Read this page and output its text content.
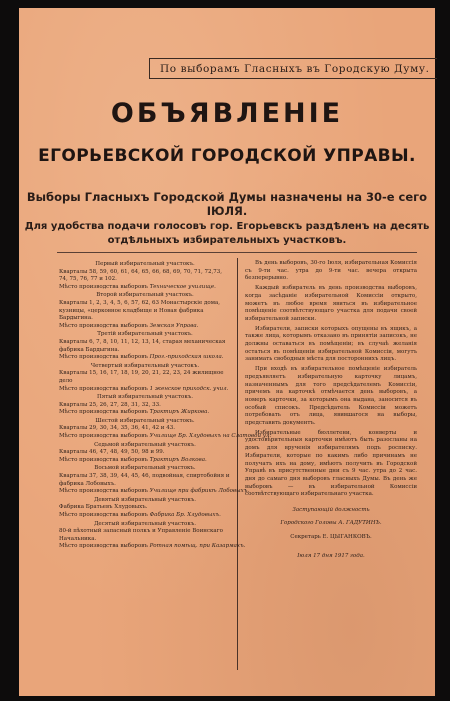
По выборамъ Гласныхъ въ Городскую Думу.
ОБЪЯВЛЕНІЕ
ЕГОРЬЕВСКОЙ ГОРОДСКОЙ УПРАВЫ.
Выборы Гласныхъ Городской Думы назначены на 30-е сего ІЮЛЯ.
Для удобства подачи голосовъ гор. Егорьевскъ раздѣленъ на десять
отдѣльныхъ избирательныхъ участковъ.
Первый избирательный участокъ.
Кварталы 58, 59, 60, 61, 64, 65, 66, 68, 69, 70, 71, 72,73, 74, 75, 76, 77 и 102.
Мѣсто производства выборовъ Техническое училище.
Второй избирательный участокъ.
Кварталы 1, 2, 3, 4, 5, 6, 57, 62, 63 Монастырскіе дома, кузницы, «церковное кладбище и Новая фабрика Бардыгина.
Мѣсто производства выборовъ Земская Управа.
Третій избирательный участокъ.
Кварталы 6, 7, 8, 10, 11, 12, 13, 14, старая механическая фабрика Бардыгина.
Мѣсто производства выборовъ Прог.-приходская школа.
Четвертый избирательный участокъ.
Кварталы 15, 16, 17, 18, 19, 20, 21, 22, 23, 24 жилищное дело
Мѣсто производства выборовъ 1 женское приходск. учил.
Пятый избирательный участокъ.
Кварталы 25, 26, 27, 28, 31, 32, 33.
Мѣсто производства выборовъ Трактиръ Жиркова.
Шестой избирательный участокъ.
Кварталы 29, 30, 34, 35, 36, 41, 42 и 43.
Мѣсто производства выборовъ Училище Бр. Хлудовыхъ на Слатовой ул.
Седьмой избирательный участокъ.
Кварталы 46, 47, 48, 49, 50, 98 и 99.
Мѣсто производства выборовъ Трактиръ Волкова.
Восьмой избирательный участокъ.
Кварталы 37, 38, 39, 44, 45, 46, подвойная, спиртобойня и фабрика Лобовыхъ.
Мѣсто производства выборовъ Училище при фабрикѣ Лобовыхъ.
Девятый избирательный участокъ.
Фабрика Братьевъ Хлудовыхъ.
Мѣсто производства выборовъ Фабрика Бр. Хлудовыхъ.
Десятый избирательный участокъ.
80-й пѣхотный запасный полкъ и Управленіе Воинскаго Начальника.
Мѣсто производства выборовъ Ротная помѣщ. при Казармахъ.

Въ день выборовъ, 30-го Іюля, избирательная Комиссія съ 9-ти час. утра до 9-ти час. вечера открыта безперерывно.

Каждый избиратель въ день производства выборовъ, когда засѣданіе избирательной Комиссіи открыто, можетъ въ любое время явиться въ избирательное помѣщеніе соотвѣтствующаго участка для подачи своей избирательной записки.

Избиратели, записки которыхъ опущены въ ящикъ, а также лица, которымъ отказано въ принятіи записокъ, не должны оставаться въ помѣщеніи; въ случаѣ желанія остаться въ помѣщеніи избирательной Комиссіи, могутъ занимать свободныя мѣста для постороннихъ лицъ.

При входѣ въ избирательное помѣщеніе избиратель предъявляетъ избирательную карточку лицамъ, назначеннымъ для того предсѣдателемъ Комиссіи, причемъ на карточкѣ отмѣчается день выборовъ, а номеръ карточки, за которымъ она выдана, заносится въ особый списокъ. Предсѣдатель Комиссіи можетъ потребовать отъ лица, явившагося на выборы, представить документъ.

Избирательные бюллетени, конверты и удостовѣрительныя карточки имѣютъ быть разосланы на домъ для врученія избирателямъ подъ росписку. Избиратели, которые по какимъ либо причинамъ не получатъ ихъ на дому, имѣютъ получить въ Городской Управѣ въ присутственные дни съ 9 час. утра до 2 час. дня до самаго дня выборовъ гласныхъ Думы. Въ день же выборовъ — въ избирательной Комиссіи соотвѣтствующаго избирательнаго участка.

Заступающій должность
Городского Головы А. ГАДУТИНЪ.
Секретарь Е. ЦЫГАНКОВЪ.
Іюля 17 дня 1917 года.
